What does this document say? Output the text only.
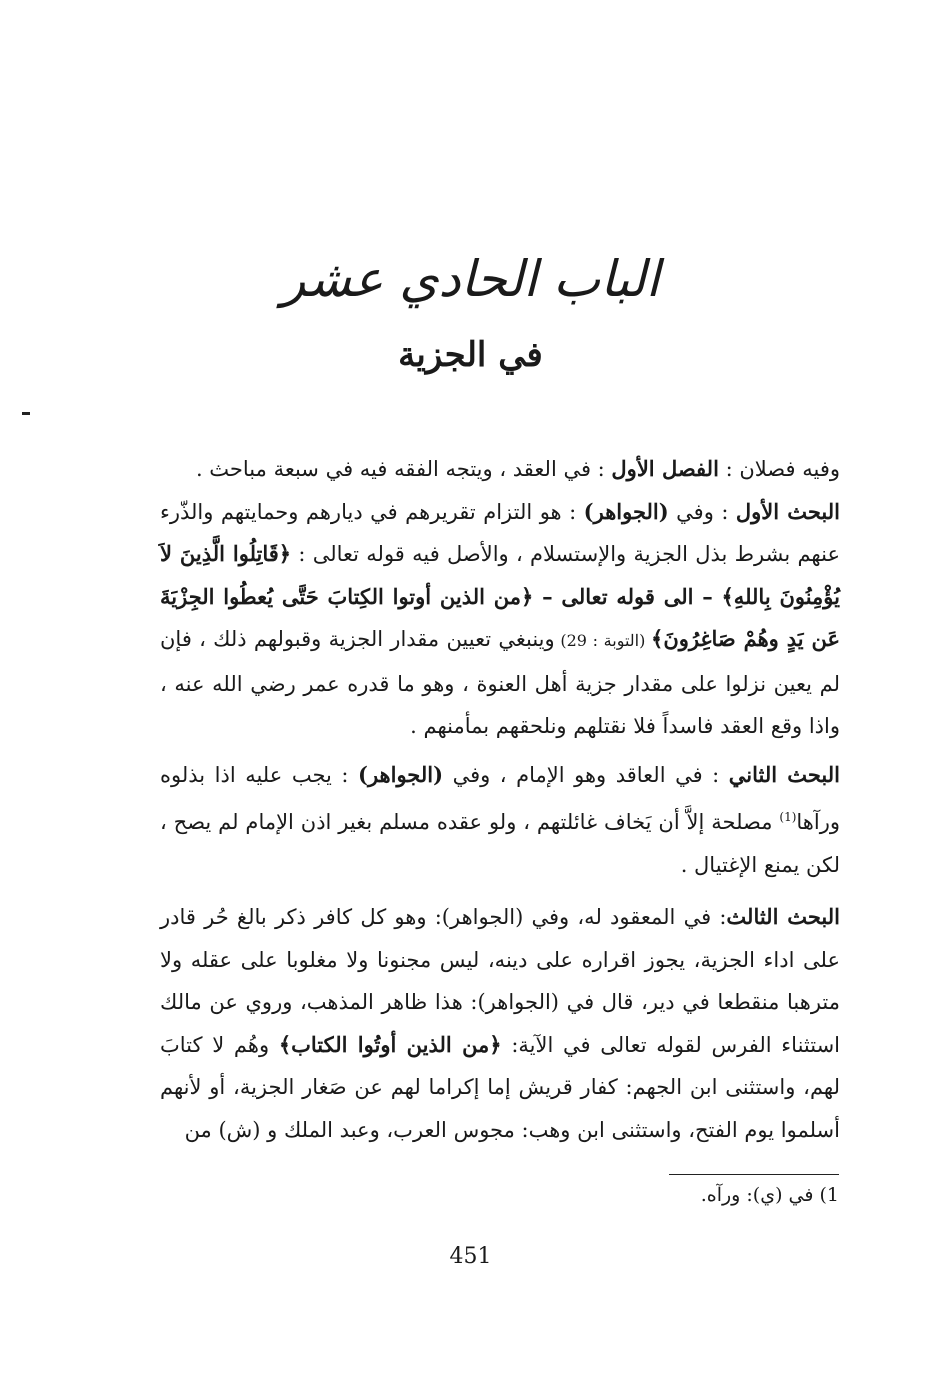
الباب الحادي عشر
في الجزية

وفيه فصلان : الفصل الأول : في العقد ، ويتجه الفقه فيه في سبعة مباحث .

البحث الأول : وفي (الجواهر) : هو التزام تقريرهم في ديارهم وحمايتهم والذّرء عنهم بشرط بذل الجزية والإستسلام ، والأصل فيه قوله تعالى : ﴿قَاتِلُوا الَّذِينَ لاَ يُؤْمِنُونَ بِاللهِ﴾ – الى قوله تعالى – ﴿من الذين أوتوا الكِتابَ حَتَّى يُعطُوا الجِزْيَةَ عَن يَدٍ وهُمْ صَاغِرُونَ﴾ (التوبة : 29) وينبغي تعيين مقدار الجزية وقبولهم ذلك ، فإن لم يعين نزلوا على مقدار جزية أهل العنوة ، وهو ما قدره عمر رضي الله عنه ، واذا وقع العقد فاسداً فلا نقتلهم ونلحقهم بمأمنهم .

البحث الثاني : في العاقد وهو الإمام ، وفي (الجواهر) : يجب عليه اذا بذلوه ورآها$^{(1)}$ مصلحة إلاَّ أن يَخاف غائلتهم ، ولو عقده مسلم بغير اذن الإمام لم يصح ، لكن يمنع الإغتيال .

البحث الثالث: في المعقود له، وفي (الجواهر): وهو كل كافر ذكر بالغ حُر قادر على اداء الجزية، يجوز اقراره على دينه، ليس مجنونا ولا مغلوبا على عقله ولا مترهبا منقطعا في دير، قال في (الجواهر): هذا ظاهر المذهب، وروي عن مالك استثناء الفرس لقوله تعالى في الآية: ﴿من الذين أوتُوا الكتاب﴾ وهُم لا كتابَ لهم، واستثنى ابن الجهم: كفار قريش إما إكراما لهم عن صَغار الجزية، أو لأنهم أسلموا يوم الفتح، واستثنى ابن وهب: مجوس العرب، وعبد الملك و (ش) من

1) في (ي): ورآه.
451
